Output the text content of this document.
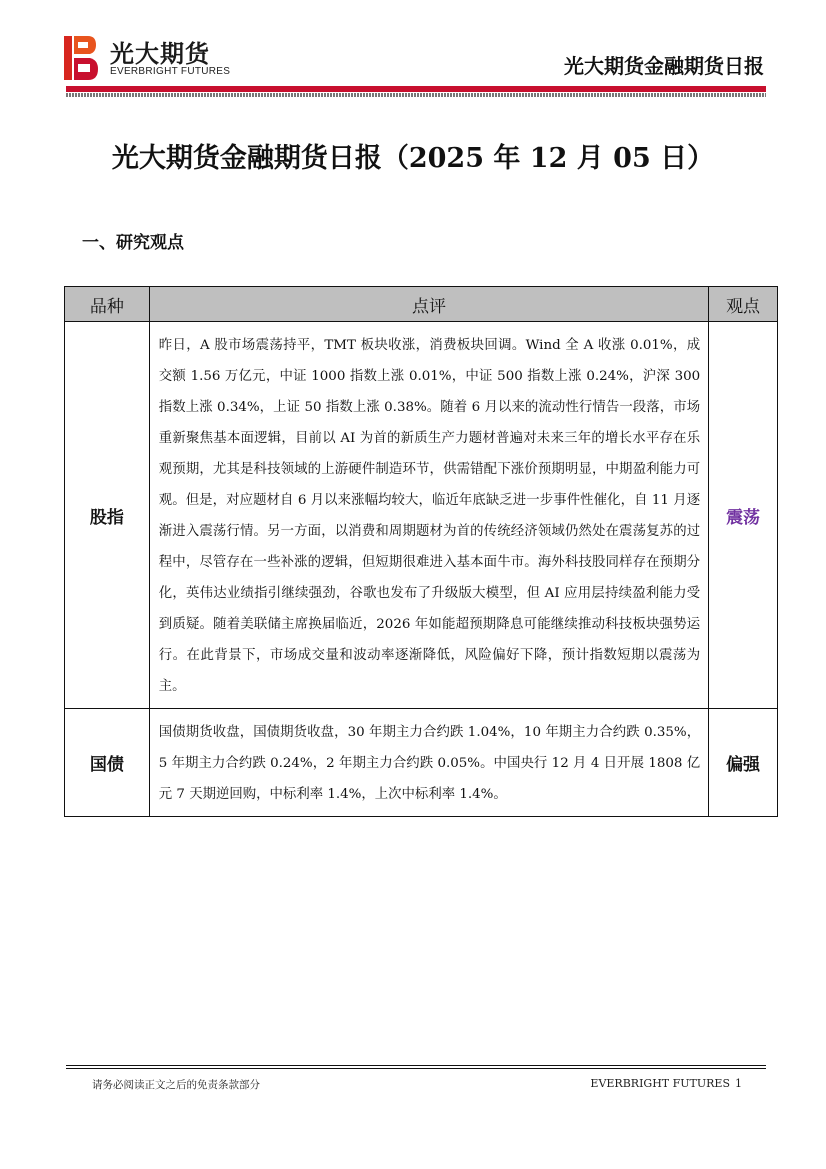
光大期货
EVERBRIGHT FUTURES	光大期货金融期货日报
光大期货金融期货日报（2025 年 12 月 05 日）
一、研究观点
品种	点评	观点
股指	昨日，A 股市场震荡持平，TMT 板块收涨，消费板块回调。Wind 全 A 收涨 0.01%，成交额 1.56 万亿元，中证 1000 指数上涨 0.01%，中证 500 指数上涨 0.24%，沪深 300 指数上涨 0.34%，上证 50 指数上涨 0.38%。随着 6 月以来的流动性行情告一段落，市场重新聚焦基本面逻辑，目前以 AI 为首的新质生产力题材普遍对未来三年的增长水平存在乐观预期，尤其是科技领域的上游硬件制造环节，供需错配下涨价预期明显，中期盈利能力可观。但是，对应题材自 6 月以来涨幅均较大，临近年底缺乏进一步事件性催化，自 11 月逐渐进入震荡行情。另一方面，以消费和周期题材为首的传统经济领域仍然处在震荡复苏的过程中，尽管存在一些补涨的逻辑，但短期很难进入基本面牛市。海外科技股同样存在预期分化，英伟达业绩指引继续强劲，谷歌也发布了升级版大模型，但 AI 应用层持续盈利能力受到质疑。随着美联储主席换届临近，2026 年如能超预期降息可能继续推动科技板块强势运行。在此背景下，市场成交量和波动率逐渐降低，风险偏好下降，预计指数短期以震荡为主。	震荡
国债	国债期货收盘，国债期货收盘，30 年期主力合约跌 1.04%，10 年期主力合约跌 0.35%，5 年期主力合约跌 0.24%，2 年期主力合约跌 0.05%。中国央行 12 月 4 日开展 1808 亿元 7 天期逆回购，中标利率 1.4%，上次中标利率 1.4%。	偏强
请务必阅读正文之后的免责条款部分	EVERBRIGHT FUTURES 1
